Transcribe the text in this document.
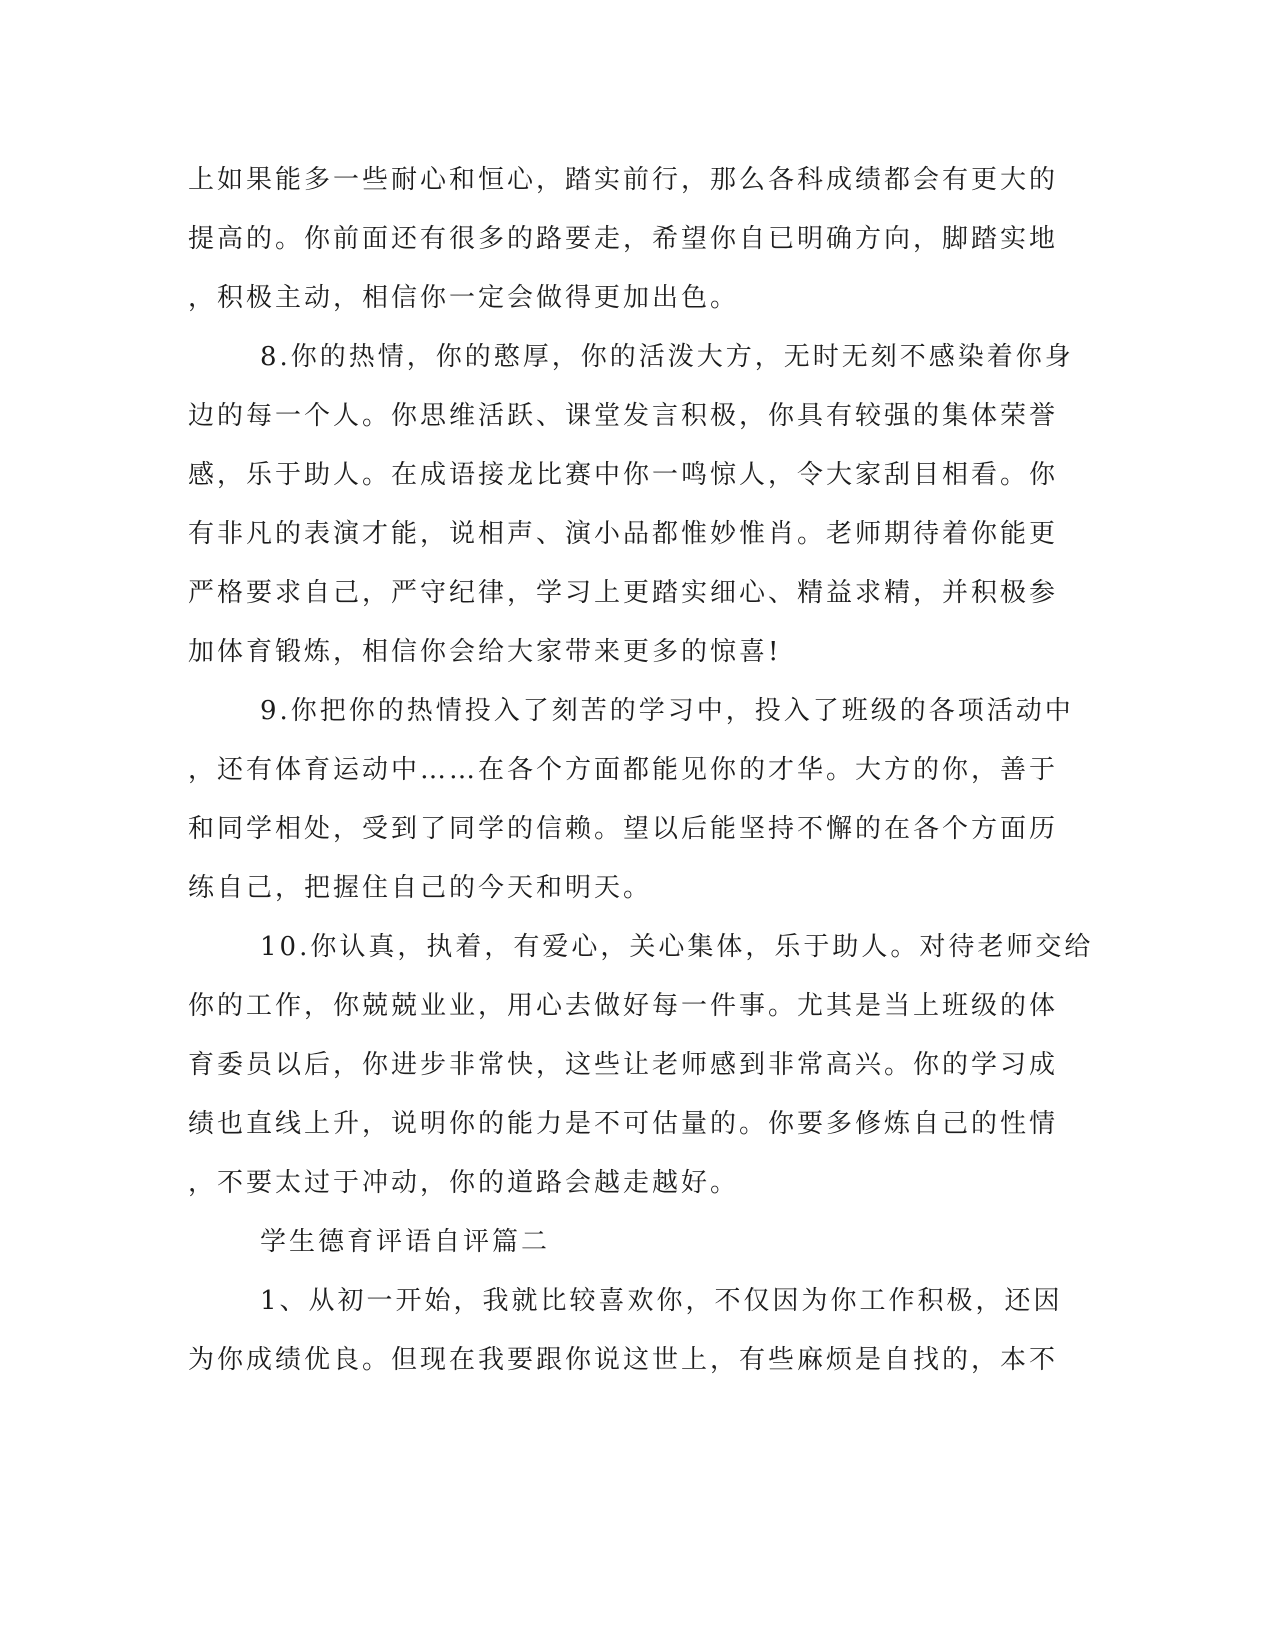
上如果能多一些耐心和恒心，踏实前行，那么各科成绩都会有更大的
提高的。你前面还有很多的路要走，希望你自已明确方向，脚踏实地
，积极主动，相信你一定会做得更加出色。
8.你的热情，你的憨厚，你的活泼大方，无时无刻不感染着你身
边的每一个人。你思维活跃、课堂发言积极，你具有较强的集体荣誉
感，乐于助人。在成语接龙比赛中你一鸣惊人，令大家刮目相看。你
有非凡的表演才能，说相声、演小品都惟妙惟肖。老师期待着你能更
严格要求自己，严守纪律，学习上更踏实细心、精益求精，并积极参
加体育锻炼，相信你会给大家带来更多的惊喜!
9.你把你的热情投入了刻苦的学习中，投入了班级的各项活动中
，还有体育运动中……在各个方面都能见你的才华。大方的你，善于
和同学相处，受到了同学的信赖。望以后能坚持不懈的在各个方面历
练自己，把握住自己的今天和明天。
10.你认真，执着，有爱心，关心集体，乐于助人。对待老师交给
你的工作，你兢兢业业，用心去做好每一件事。尤其是当上班级的体
育委员以后，你进步非常快，这些让老师感到非常高兴。你的学习成
绩也直线上升，说明你的能力是不可估量的。你要多修炼自己的性情
，不要太过于冲动，你的道路会越走越好。
学生德育评语自评篇二
1、从初一开始，我就比较喜欢你，不仅因为你工作积极，还因
为你成绩优良。但现在我要跟你说这世上，有些麻烦是自找的，本不
